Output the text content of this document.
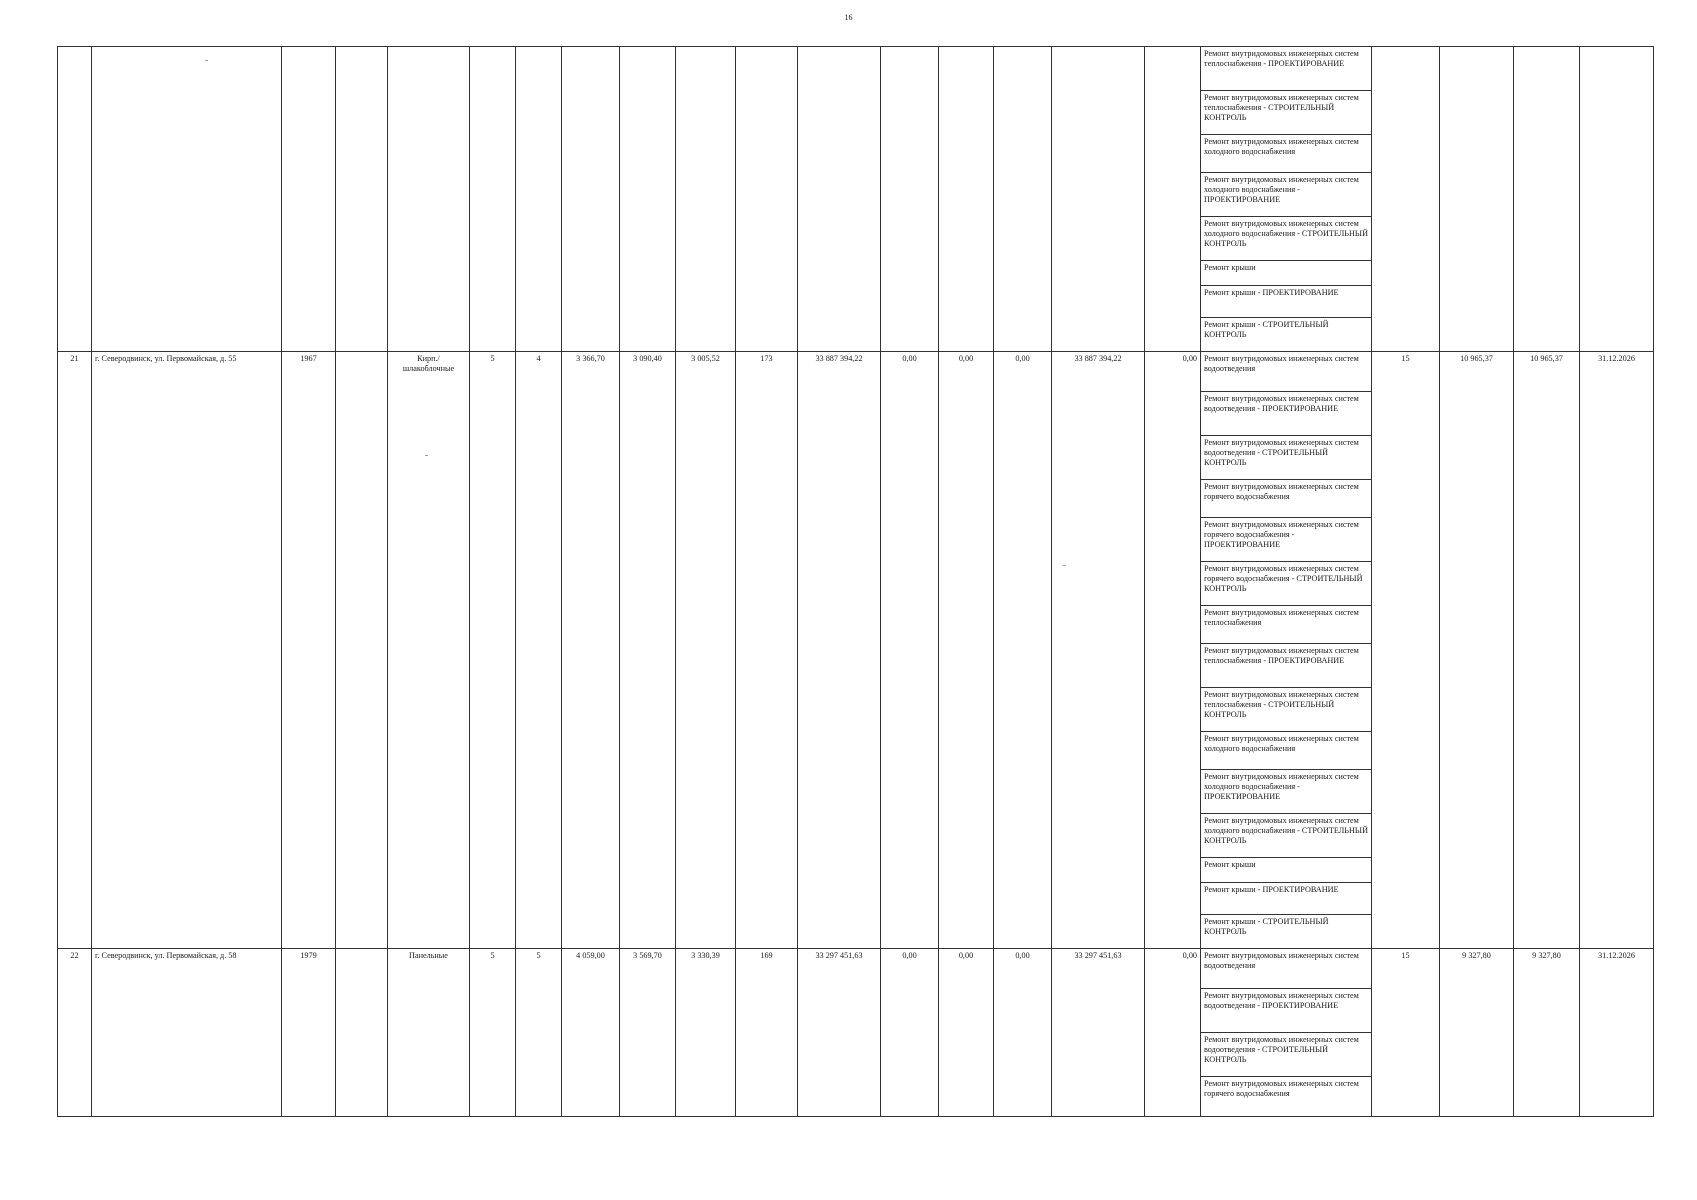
16
																	Ремонт внутридомовых инженерных систем теплоснабжения - ПРОЕКТИРОВАНИЕ				
																	Ремонт внутридомовых инженерных систем теплоснабжения - СТРОИТЕЛЬНЫЙ КОНТРОЛЬ				
																	Ремонт внутридомовых инженерных систем холодного водоснабжения				
																	Ремонт внутридомовых инженерных систем холодного водоснабжения - ПРОЕКТИРОВАНИЕ				
																	Ремонт внутридомовых инженерных систем холодного водоснабжения - СТРОИТЕЛЬНЫЙ КОНТРОЛЬ				
																	Ремонт крыши				
																	Ремонт крыши - ПРОЕКТИРОВАНИЕ				
																	Ремонт крыши - СТРОИТЕЛЬНЫЙ КОНТРОЛЬ				
21	г. Северодвинск, ул. Первомайская, д. 55	1967		Кирп./ шлакоблочные	5	4	3 366,70	3 090,40	3 005,52	173	33 887 394,22	0,00	0,00	0,00	33 887 394,22	0,00	Ремонт внутридомовых инженерных систем водоотведения	15	10 965,37	10 965,37	31.12.2026
																	Ремонт внутридомовых инженерных систем водоотведения - ПРОЕКТИРОВАНИЕ				
																	Ремонт внутридомовых инженерных систем водоотведения - СТРОИТЕЛЬНЫЙ КОНТРОЛЬ				
																	Ремонт внутридомовых инженерных систем горячего водоснабжения				
																	Ремонт внутридомовых инженерных систем горячего водоснабжения - ПРОЕКТИРОВАНИЕ				
																	Ремонт внутридомовых инженерных систем горячего водоснабжения - СТРОИТЕЛЬНЫЙ КОНТРОЛЬ				
																	Ремонт внутридомовых инженерных систем теплоснабжения				
																	Ремонт внутридомовых инженерных систем теплоснабжения - ПРОЕКТИРОВАНИЕ				
																	Ремонт внутридомовых инженерных систем теплоснабжения - СТРОИТЕЛЬНЫЙ КОНТРОЛЬ				
																	Ремонт внутридомовых инженерных систем холодного водоснабжения				
																	Ремонт внутридомовых инженерных систем холодного водоснабжения - ПРОЕКТИРОВАНИЕ				
																	Ремонт внутридомовых инженерных систем холодного водоснабжения - СТРОИТЕЛЬНЫЙ КОНТРОЛЬ				
																	Ремонт крыши				
																	Ремонт крыши - ПРОЕКТИРОВАНИЕ				
																	Ремонт крыши - СТРОИТЕЛЬНЫЙ КОНТРОЛЬ				
22	г. Северодвинск, ул. Первомайская, д. 58	1979		Панельные	5	5	4 059,00	3 569,70	3 330,39	169	33 297 451,63	0,00	0,00	0,00	33 297 451,63	0,00	Ремонт внутридомовых инженерных систем водоотведения	15	9 327,80	9 327,80	31.12.2026
																	Ремонт внутридомовых инженерных систем водоотведения - ПРОЕКТИРОВАНИЕ				
																	Ремонт внутридомовых инженерных систем водоотведения - СТРОИТЕЛЬНЫЙ КОНТРОЛЬ				
																	Ремонт внутридомовых инженерных систем горячего водоснабжения				
